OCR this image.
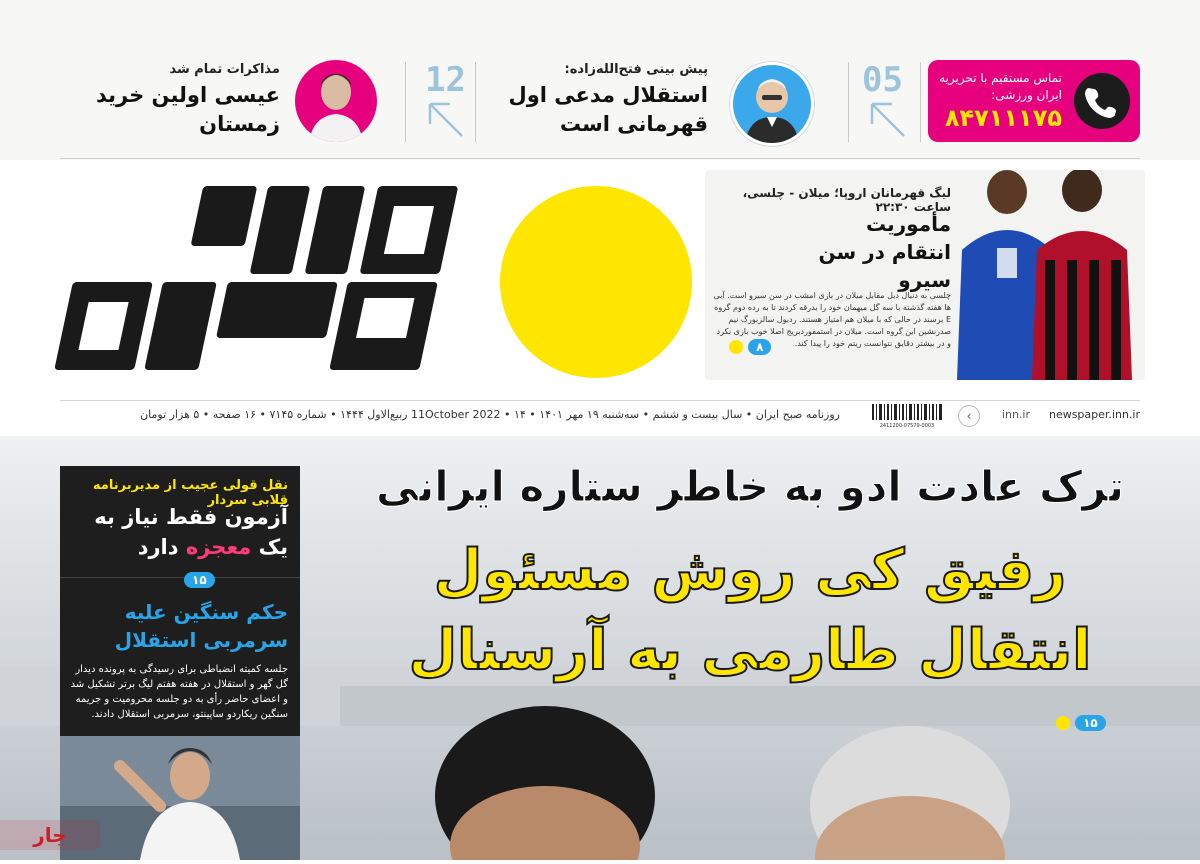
تماس مستقیم با تحریریه ایران ورزشی:
۸۴۷۱۱۱۷۵
05
پیش بینی فتح‌الله‌زاده:
استقلال مدعی اول قهرمانی است
12
مذاکرات تمام شد
عیسی اولین خرید زمستان
لیگ قهرمانان اروپا؛ میلان - چلسی، ساعت ۲۲:۳۰
مأموریت انتقام در سن سیرو
چلسی به دنبال دبل مقابل میلان در بازی امشب در سن سیرو است. آبی ها هفته گذشته با سه گل میهمان خود را بدرقه کردند تا به رده دوم گروه E برسند در حالی که با میلان هم امتیاز هستند. ردبول سالزبورگ نیم صدرنشین این گروه است. میلان در استمفوردبریج اصلا خوب بازی نکرد و در بیشتر دقایق نتوانست ریتم خود را پیدا کند.
۸
newspaper.inn.ir
inn.ir
‹
2411200-07579-0003
روزنامه صبح ایران • سال بیست و ششم • سه‌شنبه ۱۹ مهر ۱۴۰۱ • 11October 2022 • ۱۴ ربیع‌الاول ۱۴۴۴ • شماره ۷۱۴۵ • ۱۶ صفحه • ۵ هزار تومان
ترک عادت ادو به خاطر ستاره ایرانی
رفیق کی روش مسئول
انتقال طارمی به آرسنال
۱۵
نقل قولی عجیب از مدیربرنامه قلابی سردار
آزمون فقط نیاز به یک معجزه دارد
۱۵
حکم سنگین علیه سرمربی استقلال
جلسه کمیته انضباطی برای رسیدگی به پرونده دیدار گل گهر و استقلال در هفته هفتم لیگ برتر تشکیل شد و اعضای حاضر رأی به دو جلسه محرومیت و جریمه سنگین ریکاردو ساپینتو، سرمربی استقلال دادند.
جار
